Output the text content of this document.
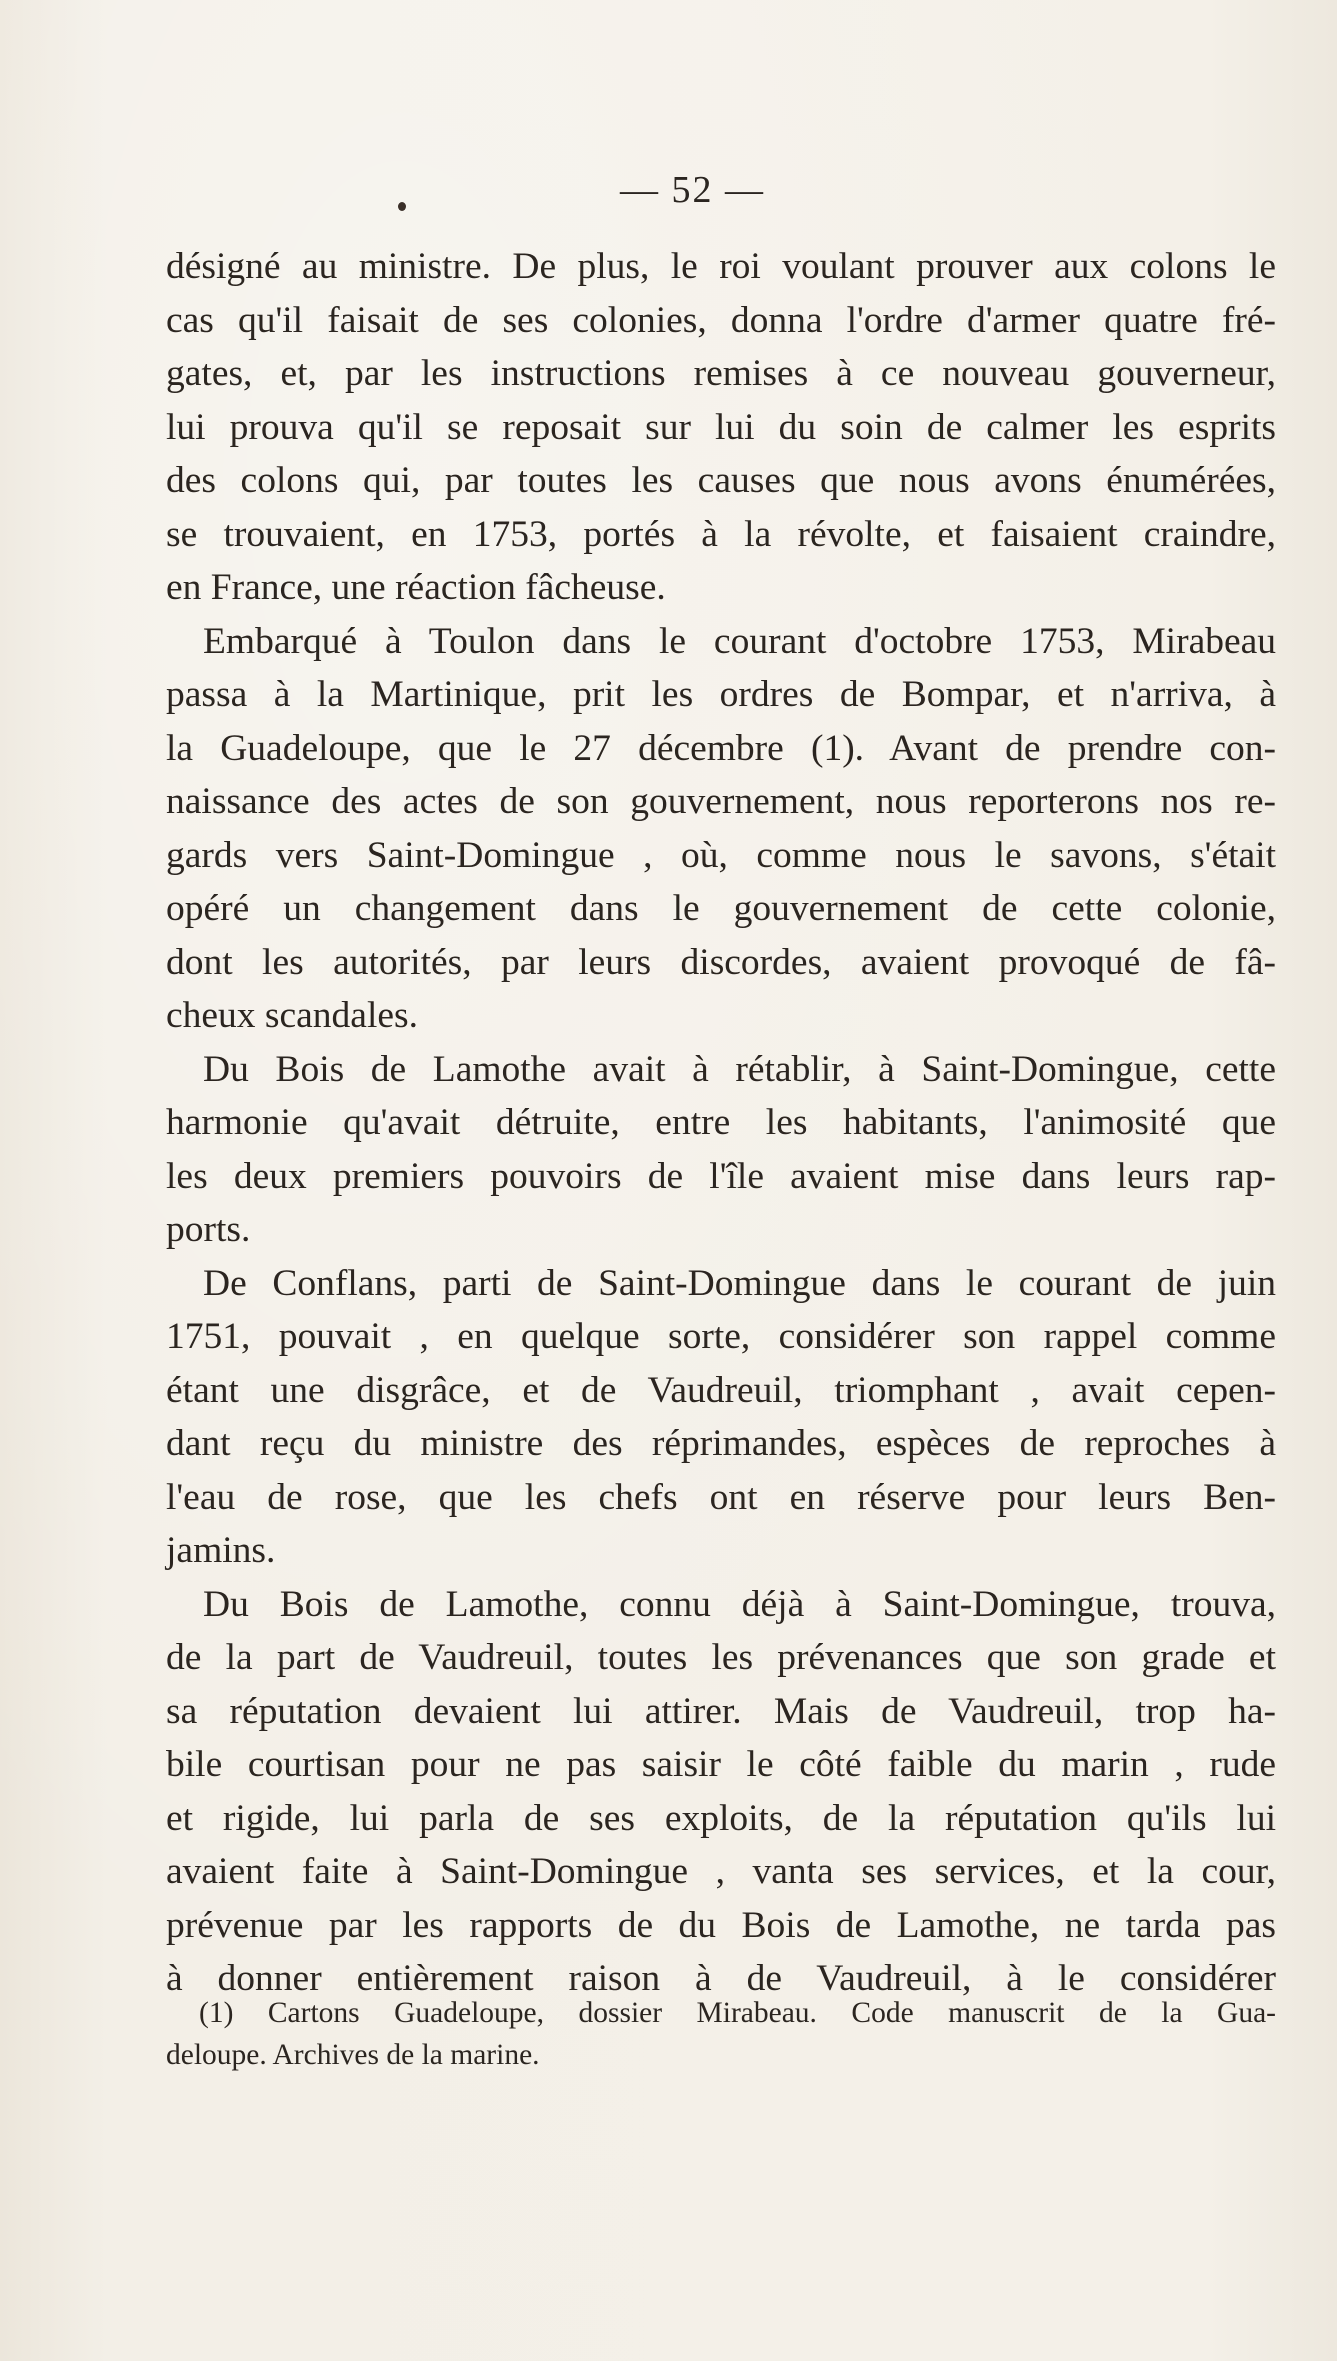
— 52 —

désigné au ministre. De plus, le roi voulant prouver aux colons le

cas qu'il faisait de ses colonies, donna l'ordre d'armer quatre fré-

gates, et, par les instructions remises à ce nouveau gouverneur,

lui prouva qu'il se reposait sur lui du soin de calmer les esprits

des colons qui, par toutes les causes que nous avons énumérées,

se trouvaient, en 1753, portés à la révolte, et faisaient craindre,

en France, une réaction fâcheuse.

Embarqué à Toulon dans le courant d'octobre 1753, Mirabeau

passa à la Martinique, prit les ordres de Bompar, et n'arriva, à

la Guadeloupe, que le 27 décembre (1). Avant de prendre con-

naissance des actes de son gouvernement, nous reporterons nos re-

gards vers Saint-Domingue , où, comme nous le savons, s'était

opéré un changement dans le gouvernement de cette colonie,

dont les autorités, par leurs discordes, avaient provoqué de fâ-

cheux scandales.

Du Bois de Lamothe avait à rétablir, à Saint-Domingue, cette

harmonie qu'avait détruite, entre les habitants, l'animosité que

les deux premiers pouvoirs de l'île avaient mise dans leurs rap-

ports.

De Conflans, parti de Saint-Domingue dans le courant de juin

1751, pouvait , en quelque sorte, considérer son rappel comme

étant une disgrâce, et de Vaudreuil, triomphant , avait cepen-

dant reçu du ministre des réprimandes, espèces de reproches à

l'eau de rose, que les chefs ont en réserve pour leurs Ben-

jamins.

Du Bois de Lamothe, connu déjà à Saint-Domingue, trouva,

de la part de Vaudreuil, toutes les prévenances que son grade et

sa réputation devaient lui attirer. Mais de Vaudreuil, trop ha-

bile courtisan pour ne pas saisir le côté faible du marin , rude

et rigide, lui parla de ses exploits, de la réputation qu'ils lui

avaient faite à Saint-Domingue , vanta ses services, et la cour,

prévenue par les rapports de du Bois de Lamothe, ne tarda pas

à donner entièrement raison à de Vaudreuil, à le considérer

(1) Cartons Guadeloupe, dossier Mirabeau. Code manuscrit de la Gua-

deloupe. Archives de la marine.
